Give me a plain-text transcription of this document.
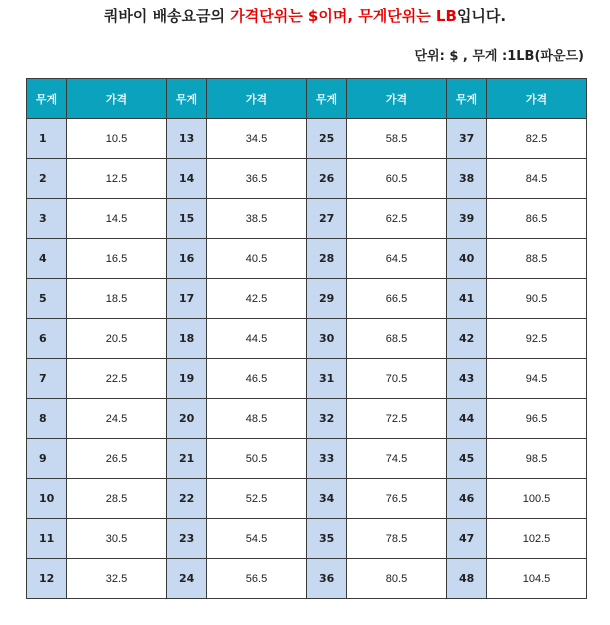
쿼바이 배송요금의 가격단위는 $이며, 무게단위는 LB입니다.
단위: $ , 무게 :1LB(파운드)
무게	가격	무게	가격	무게	가격	무게	가격
1	10.5	13	34.5	25	58.5	37	82.5
2	12.5	14	36.5	26	60.5	38	84.5
3	14.5	15	38.5	27	62.5	39	86.5
4	16.5	16	40.5	28	64.5	40	88.5
5	18.5	17	42.5	29	66.5	41	90.5
6	20.5	18	44.5	30	68.5	42	92.5
7	22.5	19	46.5	31	70.5	43	94.5
8	24.5	20	48.5	32	72.5	44	96.5
9	26.5	21	50.5	33	74.5	45	98.5
10	28.5	22	52.5	34	76.5	46	100.5
11	30.5	23	54.5	35	78.5	47	102.5
12	32.5	24	56.5	36	80.5	48	104.5
